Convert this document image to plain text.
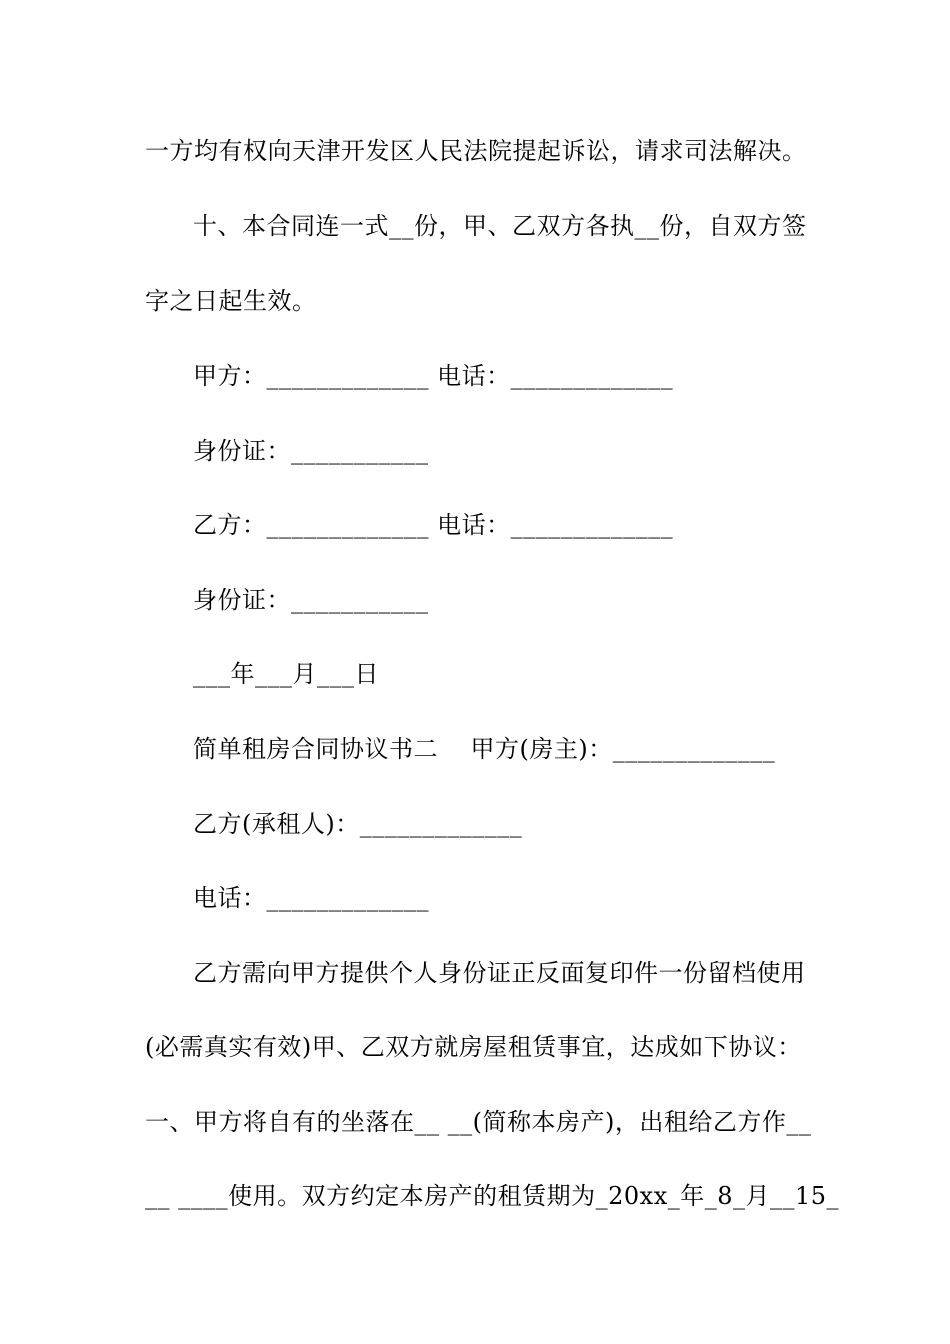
一方均有权向天津开发区人民法院提起诉讼，请求司法解决。

十、本合同连一式__份，甲、乙双方各执__份，自双方签

字之日起生效。

甲方：_____________ 电话：_____________

身份证：___________

乙方：_____________ 电话：_____________

身份证：___________

___年___月___日

简单租房合同协议书二    甲方(房主)：_____________

乙方(承租人)：_____________

电话：_____________

乙方需向甲方提供个人身份证正反面复印件一份留档使用

(必需真实有效)甲、乙双方就房屋租赁事宜，达成如下协议：

一、甲方将自有的坐落在__ __(简称本房产)，出租给乙方作__

__ ____使用。双方约定本房产的租赁期为_20xx_年_8_月__15_
